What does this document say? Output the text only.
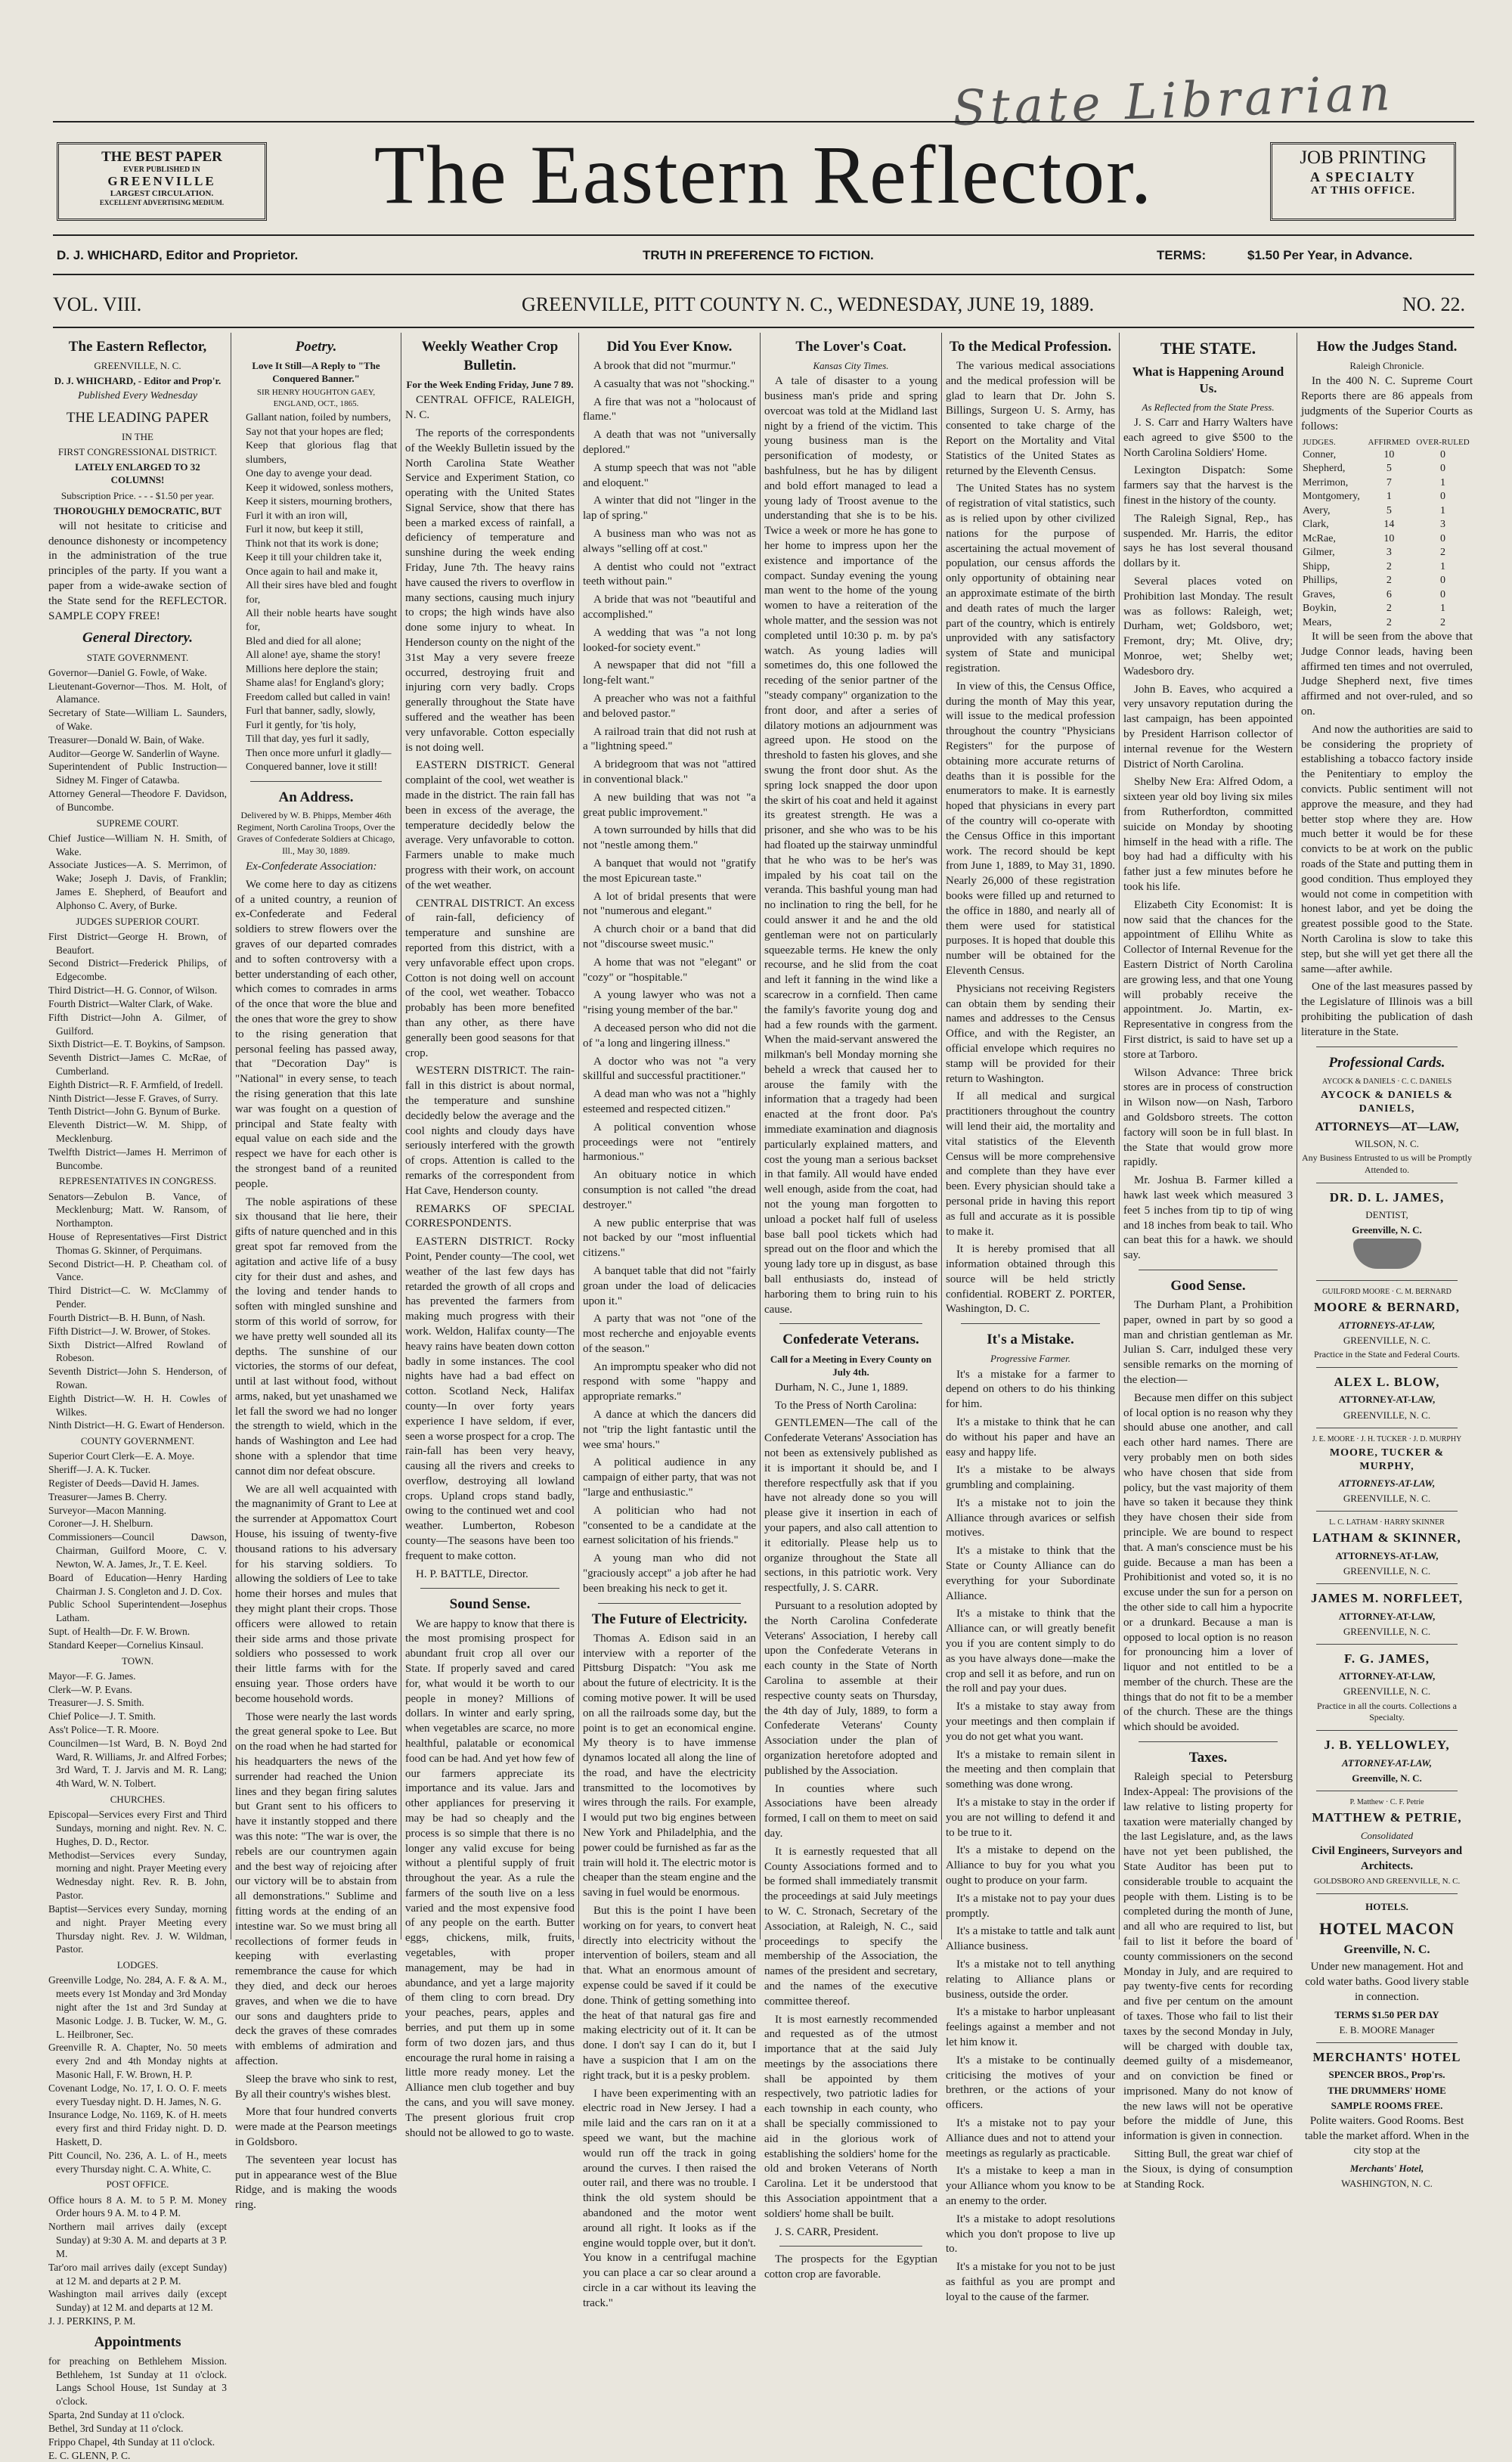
State Librarian
THE BEST PAPER
EVER PUBLISHED IN
GREENVILLE
LARGEST CIRCULATION.
EXCELLENT ADVERTISING MEDIUM.	The Eastern Reflector.	JOB PRINTING
A SPECIALTY
AT THIS OFFICE.
D. J. WHICHARD, Editor and Proprietor.	TRUTH IN PREFERENCE TO FICTION.	TERMS:	$1.50 Per Year, in Advance.
VOL. VIII.	GREENVILLE, PITT COUNTY N. C., WEDNESDAY, JUNE 19, 1889.	NO. 22.
The Eastern Reflector,
GREENVILLE, N. C.
D. J. WHICHARD, - Editor and Prop'r.
Published Every Wednesday
THE LEADING PAPER
IN THE
FIRST CONGRESSIONAL DISTRICT.
LATELY ENLARGED TO 32 COLUMNS!
Subscription Price. - - - $1.50 per year.
THOROUGHLY DEMOCRATIC, BUT

will not hesitate to criticise and denounce dishonesty or incompetency in the administration of the true principles of the party. If you want a paper from a wide-awake section of the State send for the REFLECTOR. SAMPLE COPY FREE!

General Directory.
STATE GOVERNMENT.

Governor—Daniel G. Fowle, of Wake.

Lieutenant-Governor—Thos. M. Holt, of Alamance.

Secretary of State—William L. Saunders, of Wake.

Treasurer—Donald W. Bain, of Wake.

Auditor—George W. Sanderlin of Wayne.

Superintendent of Public Instruction—Sidney M. Finger of Catawba.

Attorney General—Theodore F. Davidson, of Buncombe.

SUPREME COURT.

Chief Justice—William N. H. Smith, of Wake.

Associate Justices—A. S. Merrimon, of Wake; Joseph J. Davis, of Franklin; James E. Shepherd, of Beaufort and Alphonso C. Avery, of Burke.

JUDGES SUPERIOR COURT.

First District—George H. Brown, of Beaufort.

Second District—Frederick Philips, of Edgecombe.

Third District—H. G. Connor, of Wilson.

Fourth District—Walter Clark, of Wake.

Fifth District—John A. Gilmer, of Guilford.

Sixth District—E. T. Boykins, of Sampson.

Seventh District—James C. McRae, of Cumberland.

Eighth District—R. F. Armfield, of Iredell.

Ninth District—Jesse F. Graves, of Surry.

Tenth District—John G. Bynum of Burke.

Eleventh District—W. M. Shipp, of Mecklenburg.

Twelfth District—James H. Merrimon of Buncombe.

REPRESENTATIVES IN CONGRESS.

Senators—Zebulon B. Vance, of Mecklenburg; Matt. W. Ransom, of Northampton.

House of Representatives—First District Thomas G. Skinner, of Perquimans.

Second District—H. P. Cheatham col. of Vance.

Third District—C. W. McClammy of Pender.

Fourth District—B. H. Bunn, of Nash.

Fifth District—J. W. Brower, of Stokes.

Sixth District—Alfred Rowland of Robeson.

Seventh District—John S. Henderson, of Rowan.

Eighth District—W. H. H. Cowles of Wilkes.

Ninth District—H. G. Ewart of Henderson.

COUNTY GOVERNMENT.

Superior Court Clerk—E. A. Moye.

Sheriff—J. A. K. Tucker.

Register of Deeds—David H. James.

Treasurer—James B. Cherry.

Surveyor—Macon Manning.

Coroner—J. H. Shelburn.

Commissioners—Council Dawson, Chairman, Guilford Moore, C. V. Newton, W. A. James, Jr., T. E. Keel.

Board of Education—Henry Harding Chairman J. S. Congleton and J. D. Cox.

Public School Superintendent—Josephus Latham.

Supt. of Health—Dr. F. W. Brown.

Standard Keeper—Cornelius Kinsaul.

TOWN.

Mayor—F. G. James.

Clerk—W. P. Evans.

Treasurer—J. S. Smith.

Chief Police—J. T. Smith.

Ass't Police—T. R. Moore.

Councilmen—1st Ward, B. N. Boyd 2nd Ward, R. Williams, Jr. and Alfred Forbes; 3rd Ward, T. J. Jarvis and M. R. Lang; 4th Ward, W. N. Tolbert.

CHURCHES.

Episcopal—Services every First and Third Sundays, morning and night. Rev. N. C. Hughes, D. D., Rector.

Methodist—Services every Sunday, morning and night. Prayer Meeting every Wednesday night. Rev. R. B. John, Pastor.

Baptist—Services every Sunday, morning and night. Prayer Meeting every Thursday night. Rev. J. W. Wildman, Pastor.

LODGES.

Greenville Lodge, No. 284, A. F. & A. M., meets every 1st Monday and 3rd Monday night after the 1st and 3rd Sunday at Masonic Lodge. J. B. Tucker, W. M., G. L. Heilbroner, Sec.

Greenville R. A. Chapter, No. 50 meets every 2nd and 4th Monday nights at Masonic Hall, F. W. Brown, H. P.

Covenant Lodge, No. 17, I. O. O. F. meets every Tuesday night. D. H. James, N. G.

Insurance Lodge, No. 1169, K. of H. meets every first and third Friday night. D. D. Haskett, D.

Pitt Council, No. 236, A. L. of H., meets every Thursday night. C. A. White, C.

POST OFFICE.

Office hours 8 A. M. to 5 P. M. Money Order hours 9 A. M. to 4 P. M.

Northern mail arrives daily (except Sunday) at 9:30 A. M. and departs at 3 P. M.

Tar'oro mail arrives daily (except Sunday) at 12 M. and departs at 2 P. M.

Washington mail arrives daily (except Sunday) at 12 M. and departs at 12 M.

J. J. PERKINS, P. M.

Appointments

for preaching on Bethlehem Mission. Bethlehem, 1st Sunday at 11 o'clock. Langs School House, 1st Sunday at 3 o'clock.

Sparta, 2nd Sunday at 11 o'clock.

Bethel, 3rd Sunday at 11 o'clock.

Frippo Chapel, 4th Sunday at 11 o'clock.

E. C. GLENN, P. C.

Poetry.
Love It Still—A Reply to "The Conquered Banner."
SIR HENRY HOUGHTON GAEY, ENGLAND, OCT., 1865.

Gallant nation, foiled by numbers,

Say not that your hopes are fled;

Keep that glorious flag that slumbers,

One day to avenge your dead.

Keep it widowed, sonless mothers,

Keep it sisters, mourning brothers,

Furl it with an iron will,

Furl it now, but keep it still,

Think not that its work is done;

Keep it till your children take it,

Once again to hail and make it,

All their sires have bled and fought for,

All their noble hearts have sought for,

Bled and died for all alone;

All alone! aye, shame the story!

Millions here deplore the stain;

Shame alas! for England's glory;

Freedom called but called in vain!

Furl that banner, sadly, slowly,

Furl it gently, for 'tis holy,

Till that day, yes furl it sadly,

Then once more unfurl it gladly—

Conquered banner, love it still!

An Address.
Delivered by W. B. Phipps, Member 46th Regiment, North Carolina Troops, Over the Graves of Confederate Soldiers at Chicago, Ill., May 30, 1889.

Ex-Confederate Association:

We come here to day as citizens of a united country, a reunion of ex-Confederate and Federal soldiers to strew flowers over the graves of our departed comrades and to soften controversy with a better understanding of each other, which comes to comrades in arms of the once that wore the blue and the ones that wore the grey to show to the rising generation that personal feeling has passed away, that "Decoration Day" is "National" in every sense, to teach the rising generation that this late war was fought on a question of principal and State fealty with equal value on each side and the respect we have for each other is the strongest band of a reunited people.

The noble aspirations of these six thousand that lie here, their gifts of nature quenched and in this great spot far removed from the agitation and active life of a busy city for their dust and ashes, and the loving and tender hands to soften with mingled sunshine and storm of this world of sorrow, for we have pretty well sounded all its depths. The sunshine of our victories, the storms of our defeat, until at last without food, without arms, naked, but yet unashamed we let fall the sword we had no longer the strength to wield, which in the hands of Washington and Lee had shone with a splendor that time cannot dim nor defeat obscure.

We are all well acquainted with the magnanimity of Grant to Lee at the surrender at Appomattox Court House, his issuing of twenty-five thousand rations to his adversary for his starving soldiers. To allowing the soldiers of Lee to take home their horses and mules that they might plant their crops. Those officers were allowed to retain their side arms and those private soldiers who possessed to work their little farms with for the ensuing year. Those orders have become household words.

Those were nearly the last words the great general spoke to Lee. But on the road when he had started for his headquarters the news of the surrender had reached the Union lines and they began firing salutes but Grant sent to his officers to have it instantly stopped and there was this note: "The war is over, the rebels are our countrymen again and the best way of rejoicing after our victory will be to abstain from all demonstrations." Sublime and fitting words at the ending of an intestine war. So we must bring all recollections of former feuds in keeping with everlasting remembrance the cause for which they died, and deck our heroes graves, and when we die to have our sons and daughters pride to deck the graves of these comrades with emblems of admiration and affection.

Sleep the brave who sink to rest, By all their country's wishes blest.

More that four hundred converts were made at the Pearson meetings in Goldsboro.

The seventeen year locust has put in appearance west of the Blue Ridge, and is making the woods ring.

Weekly Weather Crop Bulletin.
For the Week Ending Friday, June 7 89.

CENTRAL OFFICE, RALEIGH, N. C.

The reports of the correspondents of the Weekly Bulletin issued by the North Carolina State Weather Service and Experiment Station, co operating with the United States Signal Service, show that there has been a marked excess of rainfall, a deficiency of temperature and sunshine during the week ending Friday, June 7th. The heavy rains have caused the rivers to overflow in many sections, causing much injury to crops; the high winds have also done some injury to wheat. In Henderson county on the night of the 31st May a very severe freeze occurred, destroying fruit and injuring corn very badly. Crops generally throughout the State have suffered and the weather has been very unfavorable. Cotton especially is not doing well.

EASTERN DISTRICT. General complaint of the cool, wet weather is made in the district. The rain fall has been in excess of the average, the temperature decidedly below the average. Very unfavorable to cotton. Farmers unable to make much progress with their work, on account of the wet weather.

CENTRAL DISTRICT. An excess of rain-fall, deficiency of temperature and sunshine are reported from this district, with a very unfavorable effect upon crops. Cotton is not doing well on account of the cool, wet weather. Tobacco probably has been more benefited than any other, as there have generally been good seasons for that crop.

WESTERN DISTRICT. The rain-fall in this district is about normal, the temperature and sunshine decidedly below the average and the cool nights and cloudy days have seriously interfered with the growth of crops. Attention is called to the remarks of the correspondent from Hat Cave, Henderson county.

REMARKS OF SPECIAL CORRESPONDENTS.

EASTERN DISTRICT. Rocky Point, Pender county—The cool, wet weather of the last few days has retarded the growth of all crops and has prevented the farmers from making much progress with their work. Weldon, Halifax county—The heavy rains have beaten down cotton badly in some instances. The cool nights have had a bad effect on cotton. Scotland Neck, Halifax county—In over forty years experience I have seldom, if ever, seen a worse prospect for a crop. The rain-fall has been very heavy, causing all the rivers and creeks to overflow, destroying all lowland crops. Upland crops stand badly, owing to the continued wet and cool weather. Lumberton, Robeson county—The seasons have been too frequent to make cotton.

H. P. BATTLE, Director.

Sound Sense.

We are happy to know that there is the most promising prospect for abundant fruit crop all over our State. If properly saved and cared for, what would it be worth to our people in money? Millions of dollars. In winter and early spring, when vegetables are scarce, no more healthful, palatable or economical food can be had. And yet how few of our farmers appreciate its importance and its value. Jars and other appliances for preserving it may be had so cheaply and the process is so simple that there is no longer any valid excuse for being without a plentiful supply of fruit throughout the year. As a rule the farmers of the south live on a less varied and the most expensive food of any people on the earth. Butter eggs, chickens, milk, fruits, vegetables, with proper management, may be had in abundance, and yet a large majority of them cling to corn bread. Dry your peaches, pears, apples and berries, and put them up in some form of two dozen jars, and thus encourage the rural home in raising a little more ready money. Let the Alliance men club together and buy the cans, and you will save money. The present glorious fruit crop should not be allowed to go to waste.

Did You Ever Know.

A brook that did not "murmur."

A casualty that was not "shocking."

A fire that was not a "holocaust of flame."

A death that was not "universally deplored."

A stump speech that was not "able and eloquent."

A winter that did not "linger in the lap of spring."

A business man who was not as always "selling off at cost."

A dentist who could not "extract teeth without pain."

A bride that was not "beautiful and accomplished."

A wedding that was "a not long looked-for society event."

A newspaper that did not "fill a long-felt want."

A preacher who was not a faithful and beloved pastor."

A railroad train that did not rush at a "lightning speed."

A bridegroom that was not "attired in conventional black."

A new building that was not "a great public improvement."

A town surrounded by hills that did not "nestle among them."

A banquet that would not "gratify the most Epicurean taste."

A lot of bridal presents that were not "numerous and elegant."

A church choir or a band that did not "discourse sweet music."

A home that was not "elegant" or "cozy" or "hospitable."

A young lawyer who was not a "rising young member of the bar."

A deceased person who did not die of "a long and lingering illness."

A doctor who was not "a very skillful and successful practitioner."

A dead man who was not a "highly esteemed and respected citizen."

A political convention whose proceedings were not "entirely harmonious."

An obituary notice in which consumption is not called "the dread destroyer."

A new public enterprise that was not backed by our "most influential citizens."

A banquet table that did not "fairly groan under the load of delicacies upon it."

A party that was not "one of the most recherche and enjoyable events of the season."

An impromptu speaker who did not respond with some "happy and appropriate remarks."

A dance at which the dancers did not "trip the light fantastic until the wee sma' hours."

A political audience in any campaign of either party, that was not "large and enthusiastic."

A politician who had not "consented to be a candidate at the earnest solicitation of his friends."

A young man who did not "graciously accept" a job after he had been breaking his neck to get it.

The Future of Electricity.

Thomas A. Edison said in an interview with a reporter of the Pittsburg Dispatch: "You ask me about the future of electricity. It is the coming motive power. It will be used on all the railroads some day, but the point is to get an economical engine. My theory is to have immense dynamos located all along the line of the road, and have the electricity transmitted to the locomotives by wires through the rails. For example, I would put two big engines between New York and Philadelphia, and the power could be furnished as far as the train will hold it. The electric motor is cheaper than the steam engine and the saving in fuel would be enormous.

But this is the point I have been working on for years, to convert heat directly into electricity without the intervention of boilers, steam and all that. What an enormous amount of expense could be saved if it could be done. Think of getting something into the heat of that natural gas fire and making electricity out of it. It can be done. I don't say I can do it, but I have a suspicion that I am on the right track, but it is a pesky problem.

I have been experimenting with an electric road in New Jersey. I had a mile laid and the cars ran on it at a speed we want, but the machine would run off the track in going around the curves. I then raised the outer rail, and there was no trouble. I think the old system should be abandoned and the motor went around all right. It looks as if the engine would topple over, but it don't. You know in a centrifugal machine you can place a car so clear around a circle in a car without its leaving the track."

The Lover's Coat.
Kansas City Times.

A tale of disaster to a young business man's pride and spring overcoat was told at the Midland last night by a friend of the victim. This young business man is the personification of modesty, or bashfulness, but he has by diligent and bold effort managed to lead a young lady of Troost avenue to the understanding that she is to be his. Twice a week or more he has gone to her home to impress upon her the existence and importance of the compact. Sunday evening the young man went to the home of the young women to have a reiteration of the whole matter, and the session was not completed until 10:30 p. m. by pa's watch. As young ladies will sometimes do, this one followed the receding of the senior partner of the "steady company" organization to the front door, and after a series of dilatory motions an adjournment was agreed upon. He stood on the threshold to fasten his gloves, and she swung the front door shut. As the spring lock snapped the door upon the skirt of his coat and held it against its greatest strength. He was a prisoner, and she who was to be his had floated up the stairway unmindful that he who was to be her's was impaled by his coat tail on the veranda. This bashful young man had no inclination to ring the bell, for he could answer it and he and the old gentleman were not on particularly squeezable terms. He knew the only recourse, and he slid from the coat and left it fanning in the wind like a scarecrow in a cornfield. Then came the family's favorite young dog and had a few rounds with the garment. When the maid-servant answered the milkman's bell Monday morning she beheld a wreck that caused her to arouse the family with the information that a tragedy had been enacted at the front door. Pa's immediate examination and diagnosis particularly explained matters, and cost the young man a serious backset in that family. All would have ended well enough, aside from the coat, had not the young man forgotten to unload a pocket half full of useless base ball pool tickets which had spread out on the floor and which the young lady tore up in disgust, as base ball enthusiasts do, instead of harboring them to bring ruin to his cause.

Confederate Veterans.
Call for a Meeting in Every County on July 4th.

Durham, N. C., June 1, 1889.

To the Press of North Carolina:

GENTLEMEN—The call of the Confederate Veterans' Association has not been as extensively published as it is important it should be, and I therefore respectfully ask that if you have not already done so you will please give it insertion in each of your papers, and also call attention to it editorially. Please help us to organize throughout the State all sections, in this patriotic work. Very respectfully, J. S. CARR.

Pursuant to a resolution adopted by the North Carolina Confederate Veterans' Association, I hereby call upon the Confederate Veterans in each county in the State of North Carolina to assemble at their respective county seats on Thursday, the 4th day of July, 1889, to form a Confederate Veterans' County Association under the plan of organization heretofore adopted and published by the Association.

In counties where such Associations have been already formed, I call on them to meet on said day.

It is earnestly requested that all County Associations formed and to be formed shall immediately transmit the proceedings at said July meetings to W. C. Stronach, Secretary of the Association, at Raleigh, N. C., said proceedings to specify the membership of the Association, the names of the president and secretary, and the names of the executive committee thereof.

It is most earnestly recommended and requested as of the utmost importance that at the said July meetings by the associations there shall be appointed by them respectively, two patriotic ladies for each township in each county, who shall be specially commissioned to aid in the glorious work of establishing the soldiers' home for the old and broken Veterans of North Carolina. Let it be understood that this Association appointment that a soldiers' home shall be built.

J. S. CARR, President.

The prospects for the Egyptian cotton crop are favorable.

To the Medical Profession.

The various medical associations and the medical profession will be glad to learn that Dr. John S. Billings, Surgeon U. S. Army, has consented to take charge of the Report on the Mortality and Vital Statistics of the United States as returned by the Eleventh Census.

The United States has no system of registration of vital statistics, such as is relied upon by other civilized nations for the purpose of ascertaining the actual movement of population, our census affords the only opportunity of obtaining near an approximate estimate of the birth and death rates of much the larger part of the country, which is entirely unprovided with any satisfactory system of State and municipal registration.

In view of this, the Census Office, during the month of May this year, will issue to the medical profession throughout the country "Physicians Registers" for the purpose of obtaining more accurate returns of deaths than it is possible for the enumerators to make. It is earnestly hoped that physicians in every part of the country will co-operate with the Census Office in this important work. The record should be kept from June 1, 1889, to May 31, 1890. Nearly 26,000 of these registration books were filled up and returned to the office in 1880, and nearly all of them were used for statistical purposes. It is hoped that double this number will be obtained for the Eleventh Census.

Physicians not receiving Registers can obtain them by sending their names and addresses to the Census Office, and with the Register, an official envelope which requires no stamp will be provided for their return to Washington.

If all medical and surgical practitioners throughout the country will lend their aid, the mortality and vital statistics of the Eleventh Census will be more comprehensive and complete than they have ever been. Every physician should take a personal pride in having this report as full and accurate as it is possible to make it.

It is hereby promised that all information obtained through this source will be held strictly confidential. ROBERT Z. PORTER, Washington, D. C.

It's a Mistake.
Progressive Farmer.

It's a mistake for a farmer to depend on others to do his thinking for him.

It's a mistake to think that he can do without his paper and have an easy and happy life.

It's a mistake to be always grumbling and complaining.

It's a mistake not to join the Alliance through avarices or selfish motives.

It's a mistake to think that the State or County Alliance can do everything for your Subordinate Alliance.

It's a mistake to think that the Alliance can, or will greatly benefit you if you are content simply to do as you have always done—make the crop and sell it as before, and run on the roll and pay your dues.

It's a mistake to stay away from your meetings and then complain if you do not get what you want.

It's a mistake to remain silent in the meeting and then complain that something was done wrong.

It's a mistake to stay in the order if you are not willing to defend it and to be true to it.

It's a mistake to depend on the Alliance to buy for you what you ought to produce on your farm.

It's a mistake not to pay your dues promptly.

It's a mistake to tattle and talk aunt Alliance business.

It's a mistake not to tell anything relating to Alliance plans or business, outside the order.

It's a mistake to harbor unpleasant feelings against a member and not let him know it.

It's a mistake to be continually criticising the motives of your brethren, or the actions of your officers.

It's a mistake not to pay your Alliance dues and not to attend your meetings as regularly as practicable.

It's a mistake to keep a man in your Alliance whom you know to be an enemy to the order.

It's a mistake to adopt resolutions which you don't propose to live up to.

It's a mistake for you not to be just as faithful as you are prompt and loyal to the cause of the farmer.

THE STATE.
What is Happening Around Us.
As Reflected from the State Press.

J. S. Carr and Harry Walters have each agreed to give $500 to the North Carolina Soldiers' Home.

Lexington Dispatch: Some farmers say that the harvest is the finest in the history of the county.

The Raleigh Signal, Rep., has suspended. Mr. Harris, the editor says he has lost several thousand dollars by it.

Several places voted on Prohibition last Monday. The result was as follows: Raleigh, wet; Durham, wet; Goldsboro, wet; Fremont, dry; Mt. Olive, dry; Monroe, wet; Shelby wet; Wadesboro dry.

John B. Eaves, who acquired a very unsavory reputation during the last campaign, has been appointed by President Harrison collector of internal revenue for the Western District of North Carolina.

Shelby New Era: Alfred Odom, a sixteen year old boy living six miles from Rutherfordton, committed suicide on Monday by shooting himself in the head with a rifle. The boy had had a difficulty with his father just a few minutes before he took his life.

Elizabeth City Economist: It is now said that the chances for the appointment of Ellihu White as Collector of Internal Revenue for the Eastern District of North Carolina are growing less, and that one Young will probably receive the appointment. Jo. Martin, ex-Representative in congress from the First district, is said to have set up a store at Tarboro.

Wilson Advance: Three brick stores are in process of construction in Wilson now—on Nash, Tarboro and Goldsboro streets. The cotton factory will soon be in full blast. In the State that would grow more rapidly.

Mr. Joshua B. Farmer killed a hawk last week which measured 3 feet 5 inches from tip to tip of wing and 18 inches from beak to tail. Who can beat this for a hawk. we should say.

Good Sense.

The Durham Plant, a Prohibition paper, owned in part by so good a man and christian gentleman as Mr. Julian S. Carr, indulged these very sensible remarks on the morning of the election—

Because men differ on this subject of local option is no reason why they should abuse one another, and call each other hard names. There are very probably men on both sides who have chosen that side from policy, but the vast majority of them have so taken it because they think they have chosen their side from principle. We are bound to respect that. A man's conscience must be his guide. Because a man has been a Prohibitionist and voted so, it is no excuse under the sun for a person on the other side to call him a hypocrite or a drunkard. Because a man is opposed to local option is no reason for pronouncing him a lover of liquor and not entitled to be a member of the church. These are the things that do not fit to be a member of the church. These are the things which should be avoided.

Taxes.

Raleigh special to Petersburg Index-Appeal: The provisions of the law relative to listing property for taxation were materially changed by the last Legislature, and, as the laws have not yet been published, the State Auditor has been put to considerable trouble to acquaint the people with them. Listing is to be completed during the month of June, and all who are required to list, but fail to list it before the board of county commissioners on the second Monday in July, and are required to pay twenty-five cents for recording and five per centum on the amount of taxes. Those who fail to list their taxes by the second Monday in July, will be charged with double tax, deemed guilty of a misdemeanor, and on conviction be fined or imprisoned. Many do not know of the new laws will not be operative before the middle of June, this information is given in connection.

Sitting Bull, the great war chief of the Sioux, is dying of consumption at Standing Rock.

How the Judges Stand.
Raleigh Chronicle.

In the 400 N. C. Supreme Court Reports there are 86 appeals from judgments of the Superior Courts as follows:

JUDGES.	AFFIRMED	OVER-RULED
Conner,	10	0
Shepherd,	5	0
Merrimon,	7	1
Montgomery,	1	0
Avery,	5	1
Clark,	14	3
McRae,	10	0
Gilmer,	3	2
Shipp,	2	1
Phillips,	2	0
Graves,	6	0
Boykin,	2	1
Mears,	2	2

It will be seen from the above that Judge Connor leads, having been affirmed ten times and not overruled, Judge Shepherd next, five times affirmed and not over-ruled, and so on.

And now the authorities are said to be considering the propriety of establishing a tobacco factory inside the Penitentiary to employ the convicts. Public sentiment will not approve the measure, and they had better stop where they are. How much better it would be for these convicts to be at work on the public roads of the State and putting them in good condition. Thus employed they would not come in competition with honest labor, and yet be doing the greatest possible good to the State. North Carolina is slow to take this step, but she will yet get there all the same—after awhile.

One of the last measures passed by the Legislature of Illinois was a bill prohibiting the publication of dash literature in the State.

Professional Cards.
AYCOCK & DANIELS · C. C. DANIELS
AYCOCK & DANIELS & DANIELS,
ATTORNEYS—AT—LAW,
WILSON, N. C.
Any Business Entrusted to us will be Promptly Attended to.
DR. D. L. JAMES,
DENTIST,
Greenville, N. C.
GUILFORD MOORE · C. M. BERNARD
MOORE & BERNARD,
ATTORNEYS-AT-LAW,
GREENVILLE, N. C.
Practice in the State and Federal Courts.
ALEX L. BLOW,
ATTORNEY-AT-LAW,
GREENVILLE, N. C.
J. E. MOORE · J. H. TUCKER · J. D. MURPHY
MOORE, TUCKER & MURPHY,
ATTORNEYS-AT-LAW,
GREENVILLE, N. C.
L. C. LATHAM · HARRY SKINNER
LATHAM & SKINNER,
ATTORNEYS-AT-LAW,
GREENVILLE, N. C.
JAMES M. NORFLEET,
ATTORNEY-AT-LAW,
GREENVILLE, N. C.
F. G. JAMES,
ATTORNEY-AT-LAW,
GREENVILLE, N. C.
Practice in all the courts. Collections a Specialty.
J. B. YELLOWLEY,
ATTORNEY-AT-LAW,
Greenville, N. C.
P. Matthew · C. F. Petrie
MATTHEW & PETRIE,
Consolidated
Civil Engineers, Surveyors and Architects.
GOLDSBORO AND GREENVILLE, N. C.
HOTELS.
HOTEL MACON
Greenville, N. C.

Under new management. Hot and cold water baths. Good livery stable in connection.

TERMS $1.50 PER DAY
E. B. MOORE Manager
MERCHANTS' HOTEL
SPENCER BROS., Prop'rs.
THE DRUMMERS' HOME
SAMPLE ROOMS FREE.

Polite waiters. Good Rooms. Best table the market afford. When in the city stop at the

Merchants' Hotel,
WASHINGTON, N. C.
